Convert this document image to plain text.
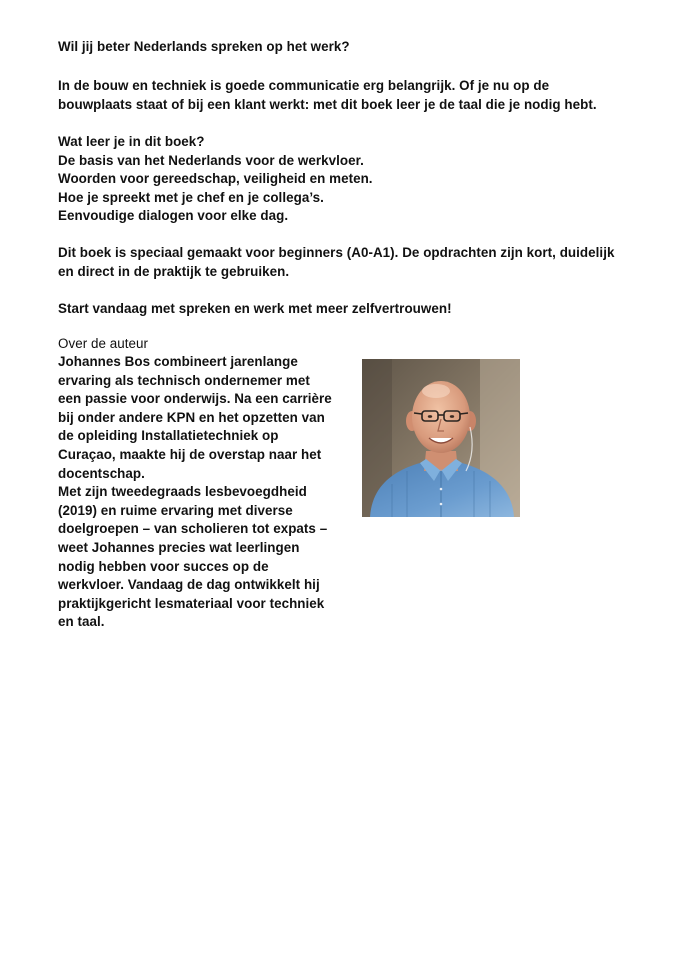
Wil jij beter Nederlands spreken op het werk?

In de bouw en techniek is goede communicatie erg belangrijk. Of je nu op de
bouwplaats staat of bij een klant werkt: met dit boek leer je de taal die je nodig hebt.

Wat leer je in dit boek?
De basis van het Nederlands voor de werkvloer.
Woorden voor gereedschap, veiligheid en meten.
Hoe je spreekt met je chef en je collega’s.
Eenvoudige dialogen voor elke dag.

Dit boek is speciaal gemaakt voor beginners (A0-A1). De opdrachten zijn kort, duidelijk
en direct in de praktijk te gebruiken.

Start vandaag met spreken en werk met meer zelfvertrouwen!

Over de auteur

Johannes Bos combineert jarenlange
ervaring als technisch ondernemer met
een passie voor onderwijs. Na een carrière
bij onder andere KPN en het opzetten van
de opleiding Installatietechniek op
Curaçao, maakte hij de overstap naar het
docentschap.
Met zijn tweedegraads lesbevoegdheid
(2019) en ruime ervaring met diverse
doelgroepen – van scholieren tot expats –
weet Johannes precies wat leerlingen
nodig hebben voor succes op de
werkvloer. Vandaag de dag ontwikkelt hij
praktijkgericht lesmateriaal voor techniek
en taal.
